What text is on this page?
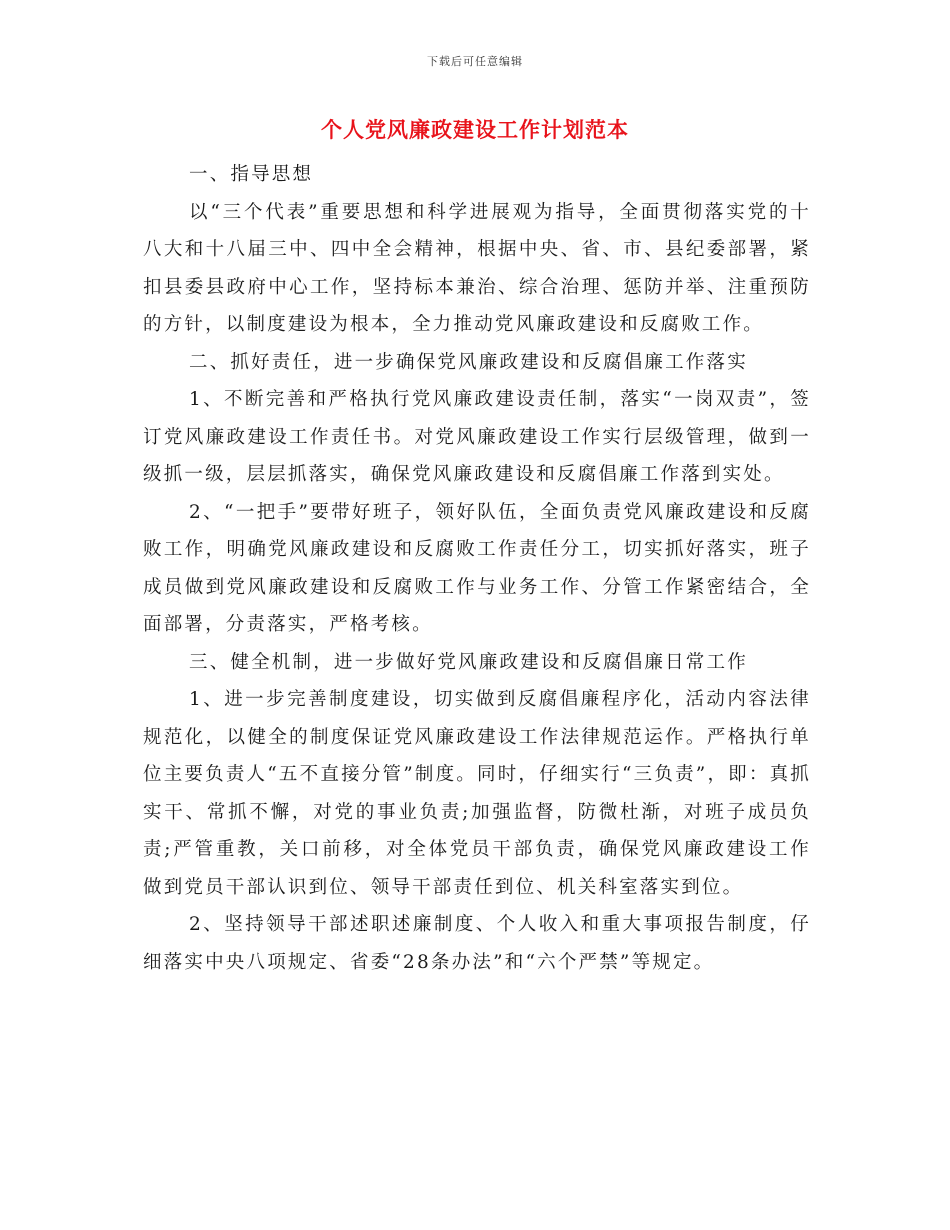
下载后可任意编辑
个人党风廉政建设工作计划范本

一、指导思想

以“三个代表”重要思想和科学进展观为指导，全面贯彻落实党的十八大和十八届三中、四中全会精神，根据中央、省、市、县纪委部署，紧扣县委县政府中心工作，坚持标本兼治、综合治理、惩防并举、注重预防的方针，以制度建设为根本，全力推动党风廉政建设和反腐败工作。

二、抓好责任，进一步确保党风廉政建设和反腐倡廉工作落实

1、不断完善和严格执行党风廉政建设责任制，落实“一岗双责”，签订党风廉政建设工作责任书。对党风廉政建设工作实行层级管理，做到一级抓一级，层层抓落实，确保党风廉政建设和反腐倡廉工作落到实处。

2、“一把手”要带好班子，领好队伍，全面负责党风廉政建设和反腐败工作，明确党风廉政建设和反腐败工作责任分工，切实抓好落实，班子成员做到党风廉政建设和反腐败工作与业务工作、分管工作紧密结合，全面部署，分责落实，严格考核。

三、健全机制，进一步做好党风廉政建设和反腐倡廉日常工作

1、进一步完善制度建设，切实做到反腐倡廉程序化，活动内容法律规范化，以健全的制度保证党风廉政建设工作法律规范运作。严格执行单位主要负责人“五不直接分管”制度。同时，仔细实行“三负责”，即：真抓实干、常抓不懈，对党的事业负责;加强监督，防微杜渐，对班子成员负责;严管重教，关口前移，对全体党员干部负责，确保党风廉政建设工作做到党员干部认识到位、领导干部责任到位、机关科室落实到位。

2、坚持领导干部述职述廉制度、个人收入和重大事项报告制度，仔细落实中央八项规定、省委“28条办法”和“六个严禁”等规定。
